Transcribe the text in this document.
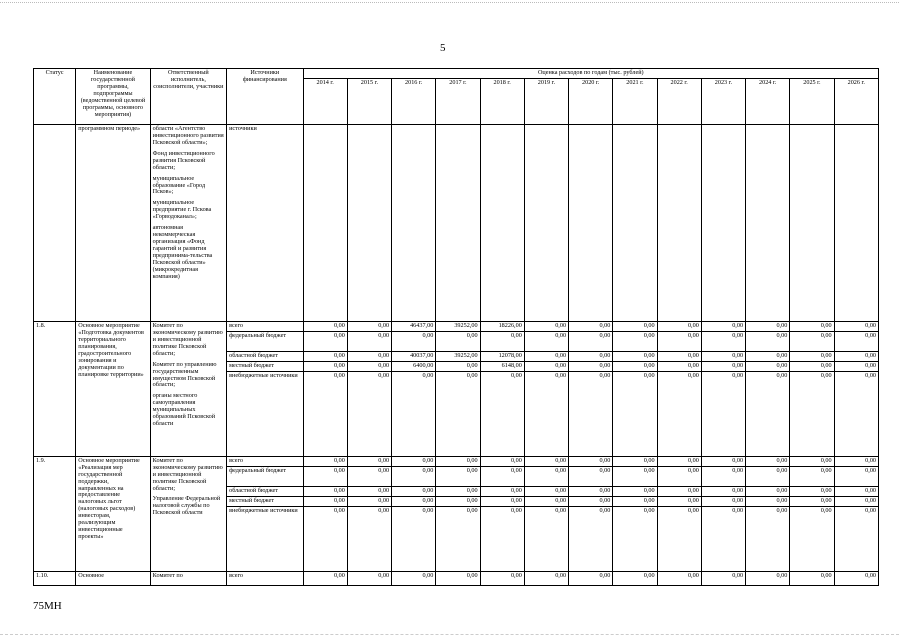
5
Статус	Наименование государственной программы, подпрограммы (ведомственной целевой программы, основного мероприятия)	Ответственный исполнитель, соисполнители, участники	Источники финансирования	Оценка расходов по годам (тыс. рублей)												
				2014 г.	2015 г.	2016 г.	2017 г.	2018 г.	2019 г.	2020 г.	2021 г.	2022 г.	2023 г.	2024 г.	2025 г.	2026 г.
	программном периоде»	области «Агентство инвестиционного развития Псковской области»;
Фонд инвестиционного развития Псковской области;
муниципальное образование «Город Псков»;
муниципальное предприятие г. Пскова «Горводоканал»;
автономная некоммерческая организация «Фонд гарантий и развития предпринима-тельства Псковской области» (микрокредитная компания)	источники													
1.8.	Основное мероприятие «Подготовка документов территориального планирования, градостроительного зонирования и документации по планировке территории»	Комитет по экономическому развитию и инвестиционной политике Псковской области;
Комитет по управлению государственным имуществом Псковской области;
органы местного самоуправления муниципальных образований Псковской области	всего	0,00	0,00	46437,00	39252,00	18226,00	0,00	0,00	0,00	0,00	0,00	0,00	0,00	0,00
			федеральный бюджет	0,00	0,00	0,00	0,00	0,00	0,00	0,00	0,00	0,00	0,00	0,00	0,00	0,00
			областной бюджет	0,00	0,00	40037,00	39252,00	12078,00	0,00	0,00	0,00	0,00	0,00	0,00	0,00	0,00
			местный бюджет	0,00	0,00	6400,00	0,00	6148,00	0,00	0,00	0,00	0,00	0,00	0,00	0,00	0,00
			внебюджетные источники	0,00	0,00	0,00	0,00	0,00	0,00	0,00	0,00	0,00	0,00	0,00	0,00	0,00
1.9.	Основное мероприятие «Реализация мер государственной поддержки, направленных на предоставление налоговых льгот (налоговых расходов) инвесторам, реализующим инвестиционные проекты»	Комитет по экономическому развитию и инвестиционной политике Псковской области;
Управление Федеральной налоговой службы по Псковской области	всего	0,00	0,00	0,00	0,00	0,00	0,00	0,00	0,00	0,00	0,00	0,00	0,00	0,00
			федеральный бюджет	0,00	0,00	0,00	0,00	0,00	0,00	0,00	0,00	0,00	0,00	0,00	0,00	0,00
			областной бюджет	0,00	0,00	0,00	0,00	0,00	0,00	0,00	0,00	0,00	0,00	0,00	0,00	0,00
			местный бюджет	0,00	0,00	0,00	0,00	0,00	0,00	0,00	0,00	0,00	0,00	0,00	0,00	0,00
			внебюджетные источники	0,00	0,00	0,00	0,00	0,00	0,00	0,00	0,00	0,00	0,00	0,00	0,00	0,00
1.10.	Основное	Комитет по	всего	0,00	0,00	0,00	0,00	0,00	0,00	0,00	0,00	0,00	0,00	0,00	0,00	0,00
75МН
